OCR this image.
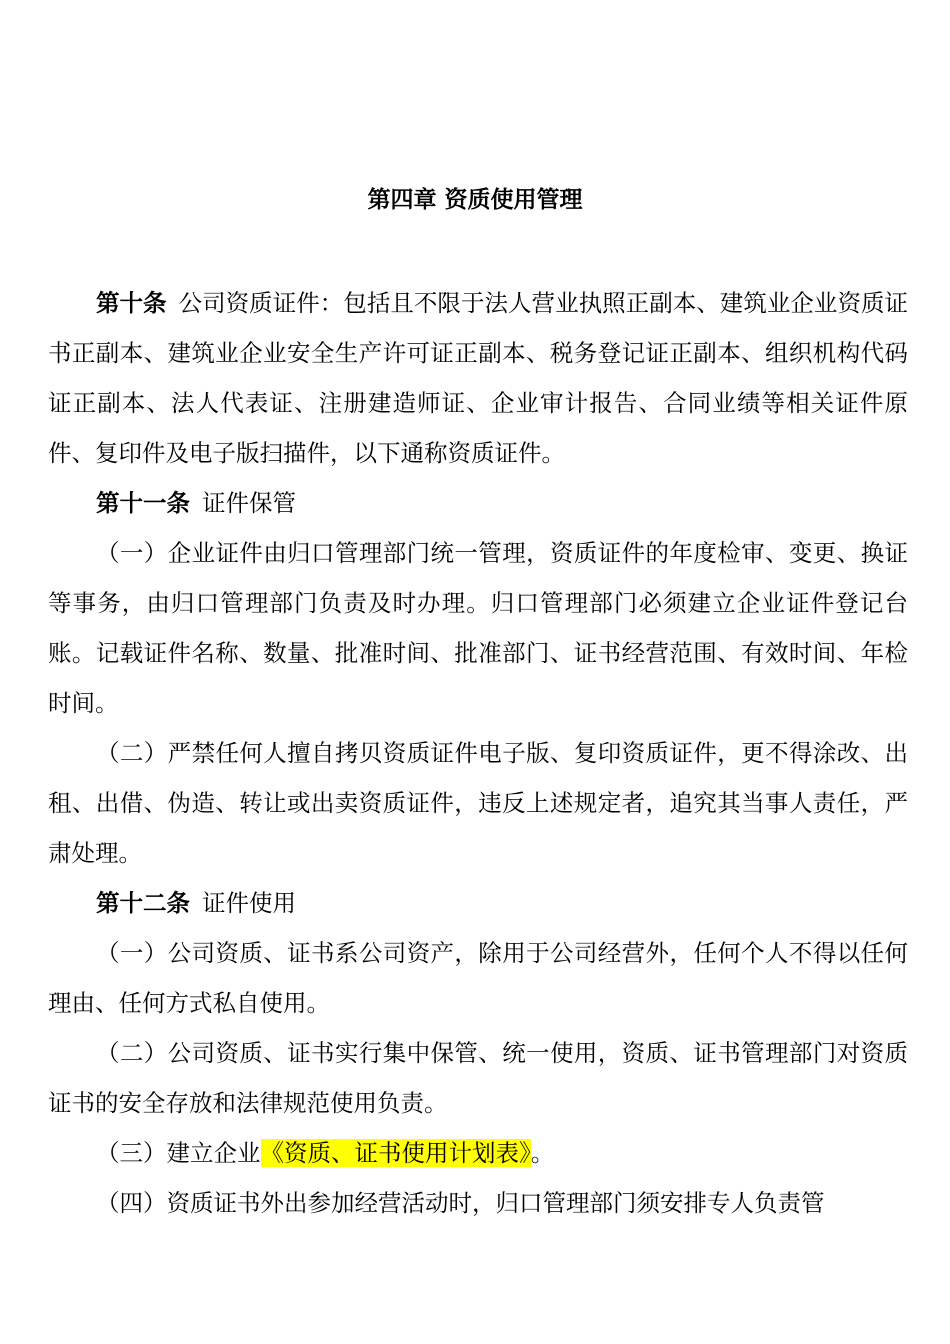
第四章 资质使用管理

第十条 公司资质证件：包括且不限于法人营业执照正副本、建筑业企业资质证书正副本、建筑业企业安全生产许可证正副本、税务登记证正副本、组织机构代码证正副本、法人代表证、注册建造师证、企业审计报告、合同业绩等相关证件原件、复印件及电子版扫描件，以下通称资质证件。

第十一条 证件保管

（一）企业证件由归口管理部门统一管理，资质证件的年度检审、变更、换证等事务，由归口管理部门负责及时办理。归口管理部门必须建立企业证件登记台账。记载证件名称、数量、批准时间、批准部门、证书经营范围、有效时间、年检时间。

（二）严禁任何人擅自拷贝资质证件电子版、复印资质证件，更不得涂改、出租、出借、伪造、转让或出卖资质证件，违反上述规定者，追究其当事人责任，严肃处理。

第十二条 证件使用

（一）公司资质、证书系公司资产，除用于公司经营外，任何个人不得以任何理由、任何方式私自使用。

（二）公司资质、证书实行集中保管、统一使用，资质、证书管理部门对资质证书的安全存放和法律规范使用负责。

（三）建立企业《资质、证书使用计划表》。

（四）资质证书外出参加经营活动时，归口管理部门须安排专人负责管
